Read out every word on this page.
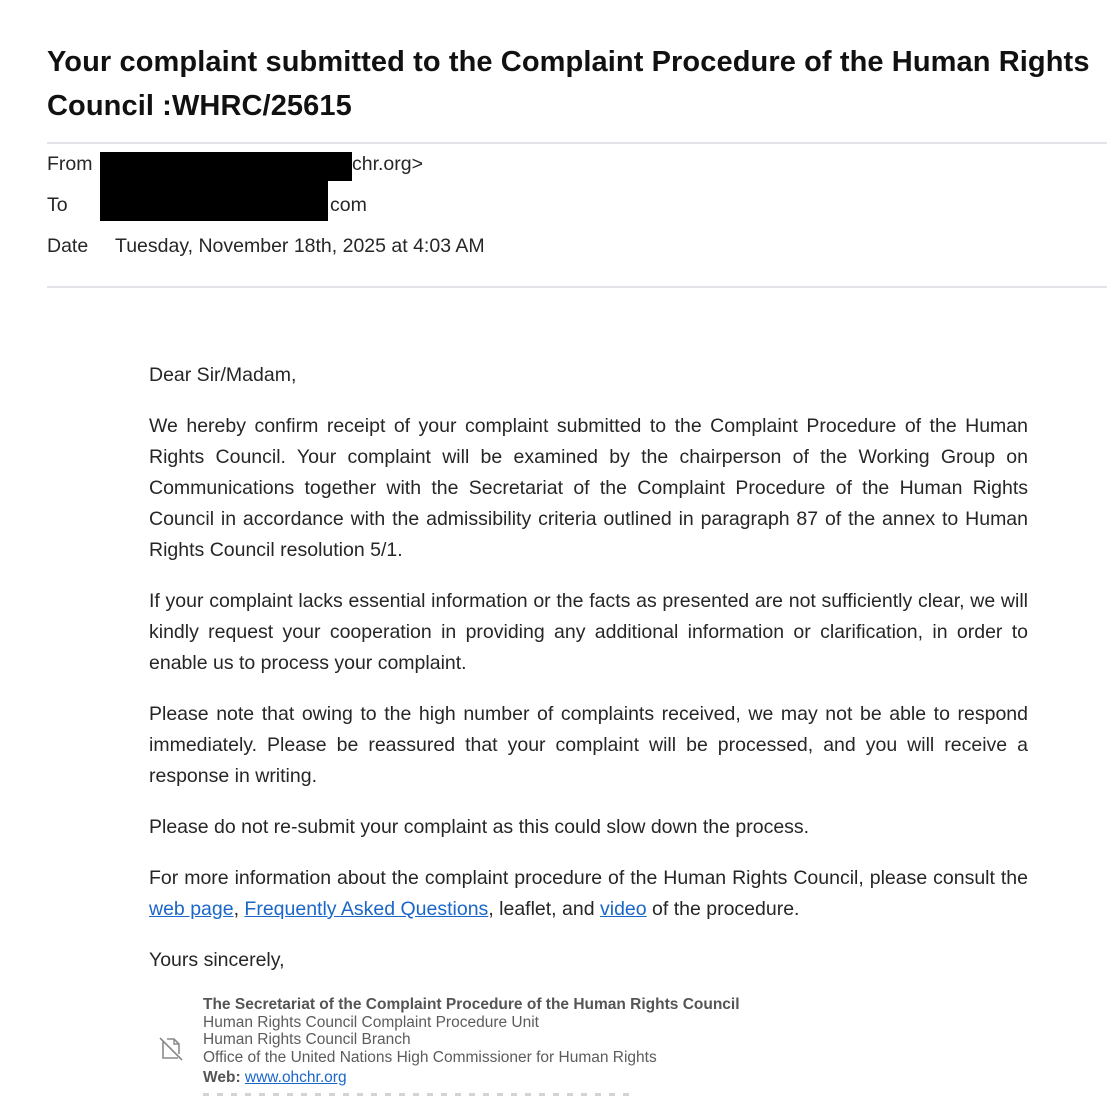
Your complaint submitted to the Complaint Procedure of the Human Rights Council :WHRC/25615
From	chr.org>
To	com
Date Tuesday, November 18th, 2025 at 4:03 AM

Dear Sir/Madam,

We hereby confirm receipt of your complaint submitted to the Complaint Procedure of the Human Rights Council. Your complaint will be examined by the chairperson of the Working Group on Communications together with the Secretariat of the Complaint Procedure of the Human Rights Council in accordance with the admissibility criteria outlined in paragraph 87 of the annex to Human Rights Council resolution 5/1.

If your complaint lacks essential information or the facts as presented are not sufficiently clear, we will kindly request your cooperation in providing any additional information or clarification, in order to enable us to process your complaint.

Please note that owing to the high number of complaints received, we may not be able to respond immediately. Please be reassured that your complaint will be processed, and you will receive a response in writing.

Please do not re-submit your complaint as this could slow down the process.

For more information about the complaint procedure of the Human Rights Council, please consult the web page, Frequently Asked Questions, leaflet, and video of the procedure.

Yours sincerely,

The Secretariat of the Complaint Procedure of the Human Rights Council
Human Rights Council Complaint Procedure Unit
Human Rights Council Branch
Office of the United Nations High Commissioner for Human Rights
Web: www.ohchr.org
